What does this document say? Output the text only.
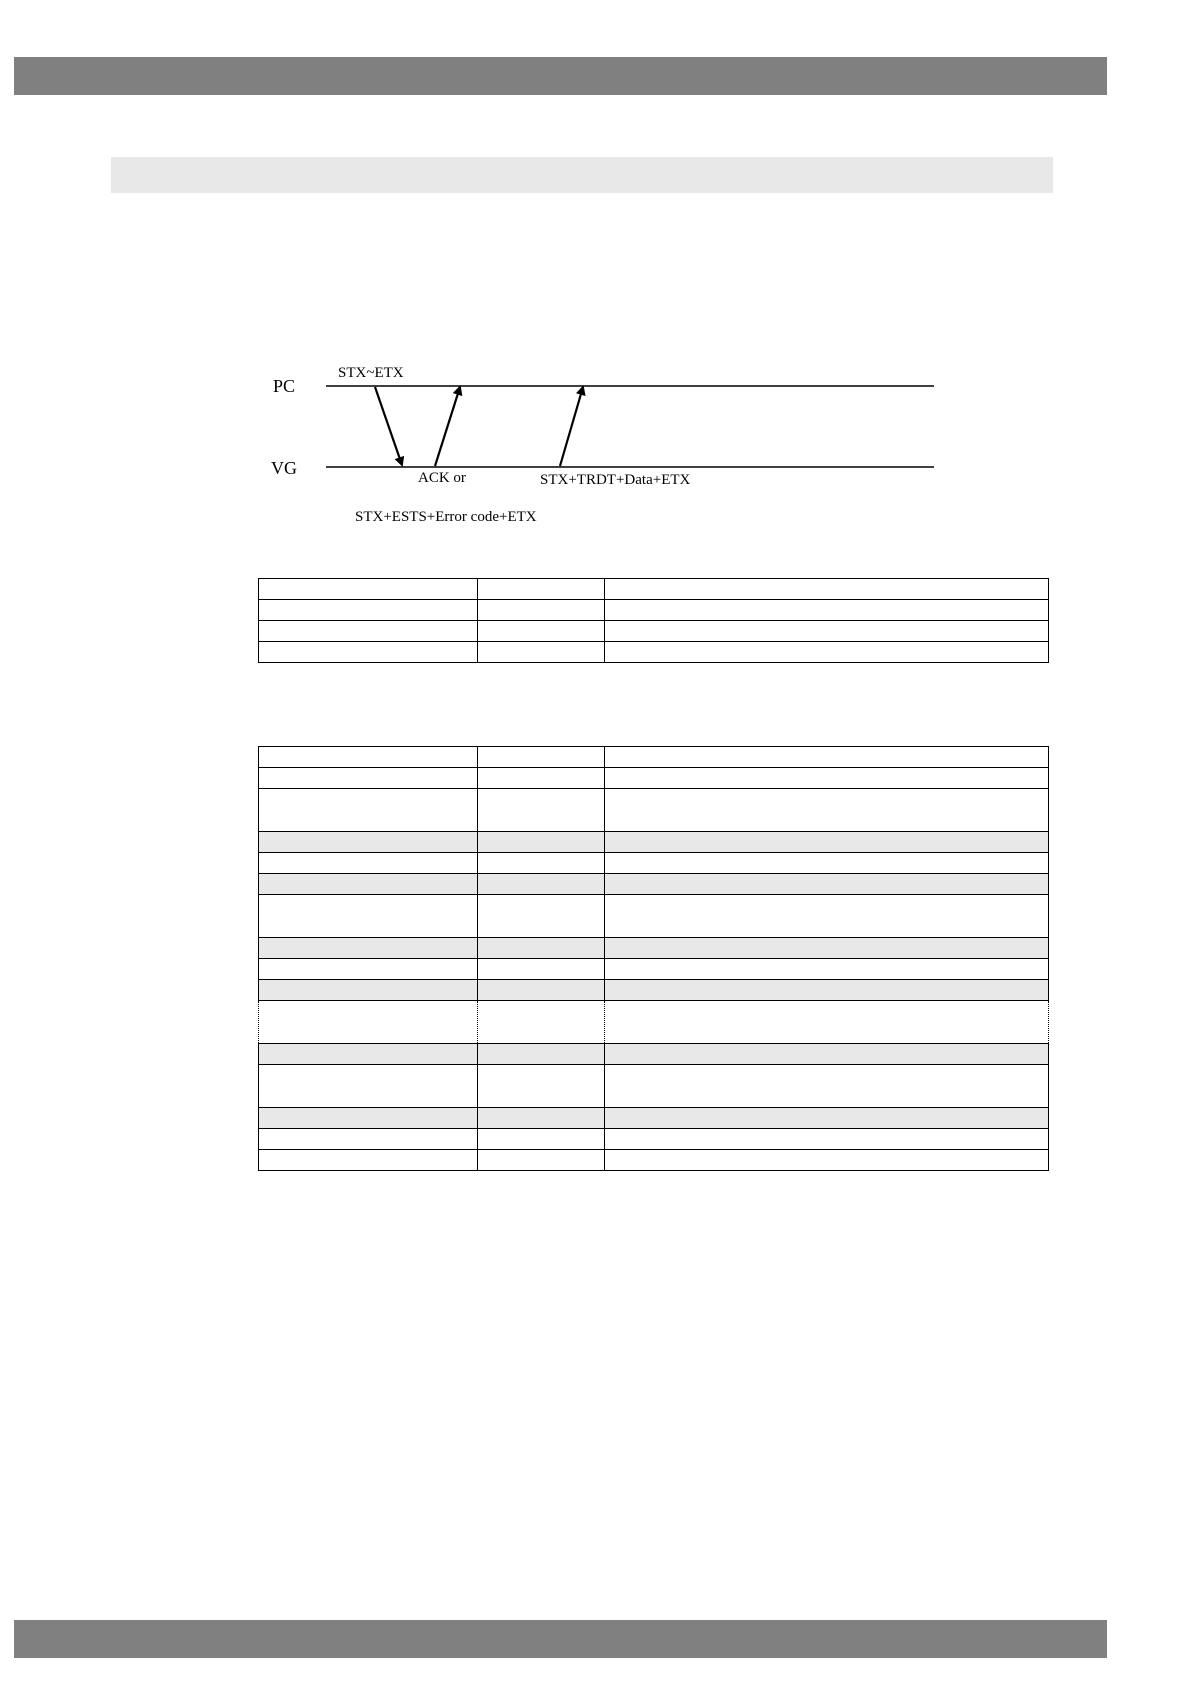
PC
VG
STX~ETX
ACK or
STX+ESTS+Error code+ETX
STX+TRDT+Data+ETX
